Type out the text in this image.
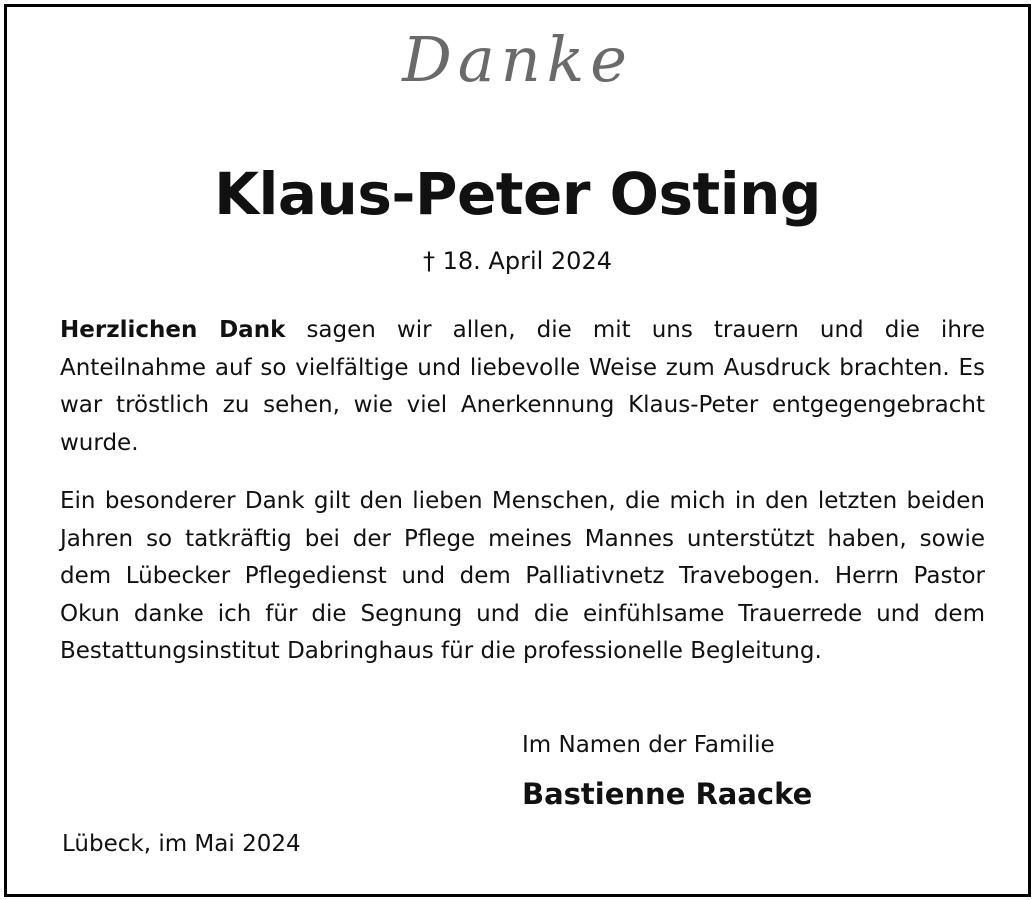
Danke
Klaus-Peter Osting
† 18. April 2024

Herzlichen Dank sagen wir allen, die mit uns trauern und die ihre Anteilnahme auf so vielfältige und liebevolle Weise zum Ausdruck brachten. Es war tröstlich zu sehen, wie viel Anerkennung Klaus-Peter entgegengebracht wurde.

Ein besonderer Dank gilt den lieben Menschen, die mich in den letzten beiden Jahren so tatkräftig bei der Pflege meines Mannes unterstützt haben, sowie dem Lübecker Pflegedienst und dem Palliativnetz Travebogen. Herrn Pastor Okun danke ich für die Segnung und die einfühlsame Trauerrede und dem Bestattungsinstitut Dabringhaus für die professionelle Begleitung.

Im Namen der Familie
Bastienne Raacke
Lübeck, im Mai 2024
